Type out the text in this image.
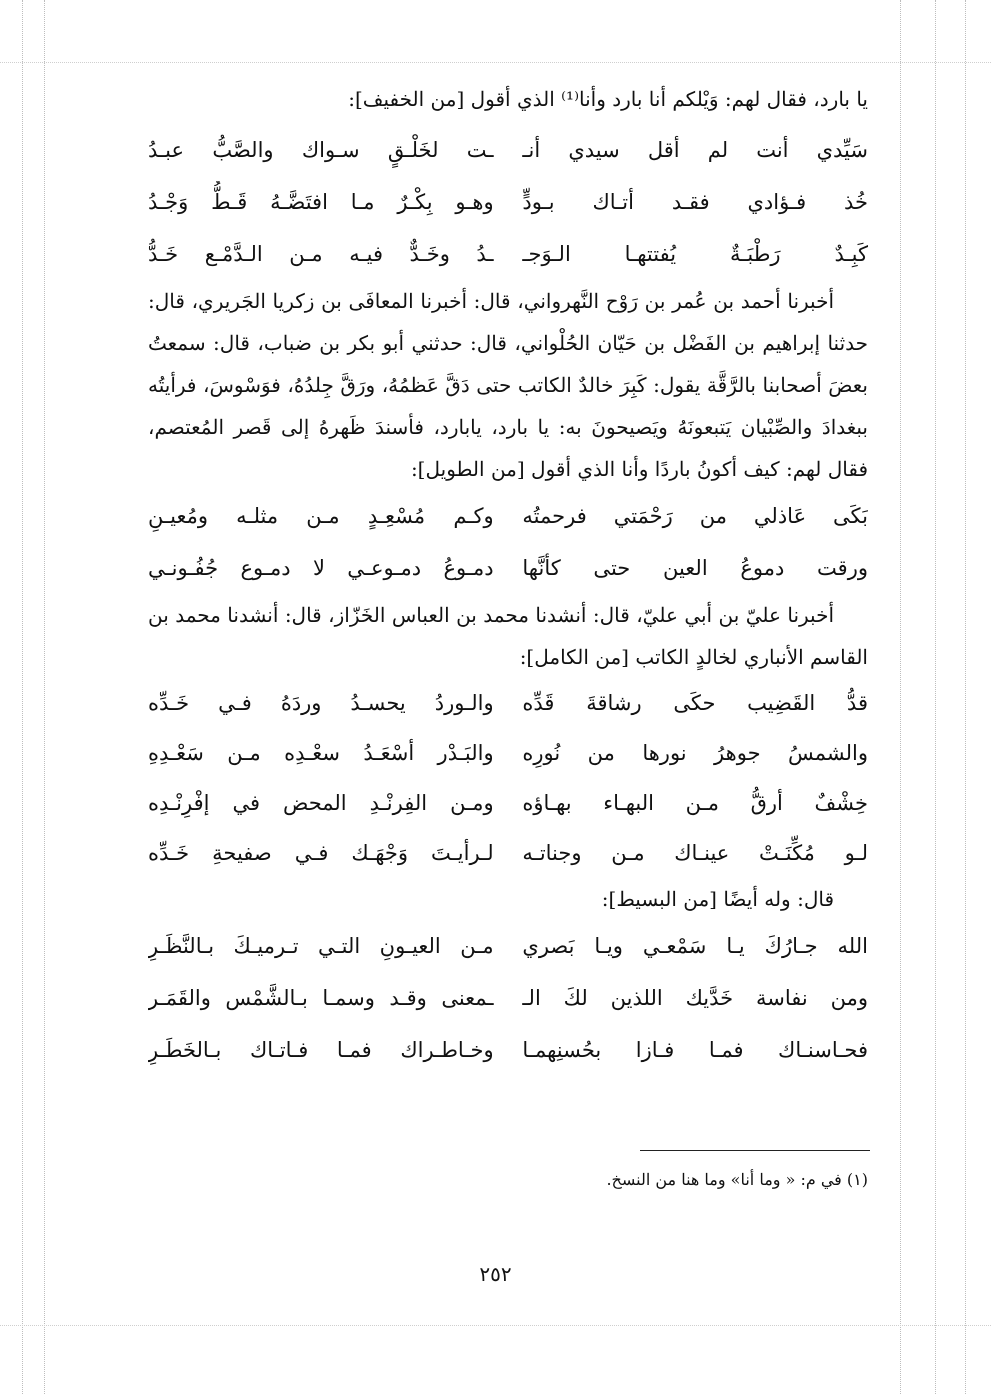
يا بارد، فقال لهم: وَيْلكم أنا بارد وأنا⁽¹⁾ الذي أقول [من الخفيف]:

سَيِّدي أنت لم أقل سيدي أنـ
ـت لخَلْـقٍ سـواك والصَّبُّ عبـدُ
خُذ فـؤادي فقـد أتـاك بـودٍّ
وهـو بِكْـرٌ مـا افتَضَّـهُ قَـطُّ وَجْـدُ
كَبِـدٌ رَطْبَـةٌ يُفتتهـا الـوَجـ
ـدُ وخَـدٌّ فيـه مـن الـدَّمْـع خَـدُّ

أخبرنا أحمد بن عُمر بن رَوْح النَّهرواني، قال: أخبرنا المعافَى بن زكريا الجَريري، قال: حدثنا إبراهيم بن الفَضْل بن حَيّان الحُلْواني، قال: حدثني أبو بكر بن ضباب، قال: سمعتُ بعضَ أصحابنا بالرَّقَّة يقول: كَبِرَ خالدٌ الكاتب حتى دَقَّ عَظمُهُ، ورَقَّ جِلدُهُ، فوَسْوسَ، فرأيتُه ببغدادَ والصِّبْيان يَتبعونَهُ ويَصيحونَ به: يا بارد، يابارد، فأسندَ ظَهرهُ إلى قَصر المُعتصم، فقال لهم: كيف أكونُ باردًا وأنا الذي أقول [من الطويل]:

بَكَى عَاذلي من رَحْمَتي فرحمتُه
وكـم مُسْعِـدٍ مـن مثلـه ومُعيـنِ
ورقت دموعُ العين حتى كأنَّها
دمـوعُ دمـوعـي لا دمـوع جُفُـونـي

أخبرنا عليّ بن أبي عليّ، قال: أنشدنا محمد بن العباس الخَزّاز، قال: أنشدنا محمد بن القاسم الأنباري لخالدٍ الكاتب [من الكامل]:

قدُّ القَضِيب حكَى رشاقةَ قَدِّه
والـوردُ يحسـدُ وردَهُ فـي خَـدِّه
والشمسُ جوهرُ نورها من نُورِه
والبَـدْر أسْعَـدُ سعْـدِه مـن سَعْـدِهِ
خِشْفٌ أرقُّ مـن البهـاء بهـاؤه
ومـن الفِرنْـدِ المحض في إفْرِنْـدِه
لـو مُكِّنَـتْ عينـاك مـن وجناتـه
لـرأيـتَ وَجْهَـك فـي صفيحةِ خَـدِّه

قال: وله أيضًا [من البسيط]:

الله جـارُكَ يـا سَمْعـي ويـا بَصري
مـن العيـونِ التـي تـرميـكَ بـالنَّظَـرِ
ومن نفاسة خَدَّيك اللذين لكَ الـ
ـمعنى وقـد وسمـا بـالشَّمْس والقَمَـر
فحـاسنـاك فمـا فـازا بحُسنِهمـا
وخـاطـراك فمـا فـاتـاك بـالخَطَـرِ
(١) في م: « وما أنا» وما هنا من النسخ.
٢٥٢
